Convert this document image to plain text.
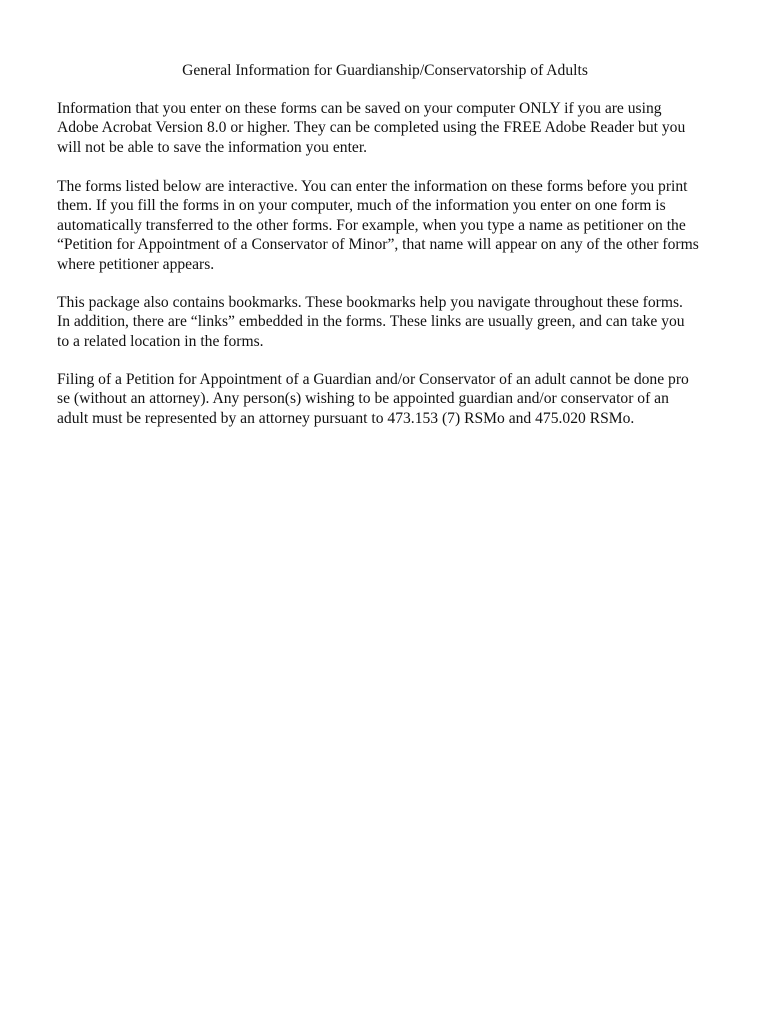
General Information for Guardianship/Conservatorship of Adults

Information that you enter on these forms can be saved on your computer ONLY if you are using
Adobe Acrobat Version 8.0 or higher. They can be completed using the FREE Adobe Reader but you
will not be able to save the information you enter.

The forms listed below are interactive. You can enter the information on these forms before you print
them. If you fill the forms in on your computer, much of the information you enter on one form is
automatically transferred to the other forms. For example, when you type a name as petitioner on the
“Petition for Appointment of a Conservator of Minor”, that name will appear on any of the other forms
where petitioner appears.

This package also contains bookmarks. These bookmarks help you navigate throughout these forms.
In addition, there are “links” embedded in the forms. These links are usually green, and can take you
to a related location in the forms.

Filing of a Petition for Appointment of a Guardian and/or Conservator of an adult cannot be done pro
se (without an attorney). Any person(s) wishing to be appointed guardian and/or conservator of an
adult must be represented by an attorney pursuant to 473.153 (7) RSMo and 475.020 RSMo.
